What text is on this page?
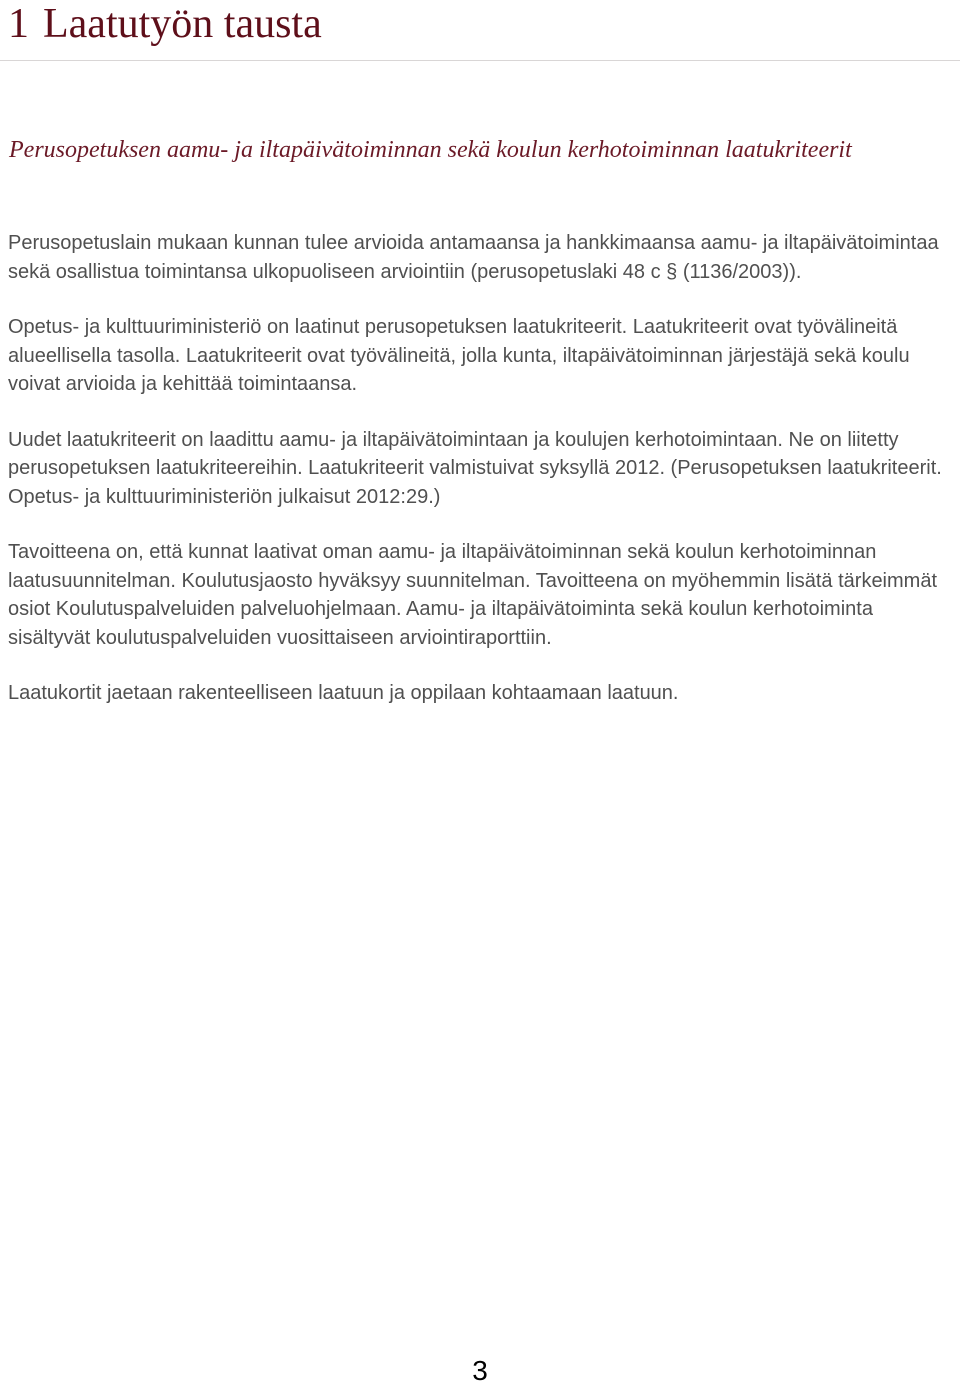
1 Laatutyön tausta
Perusopetuksen aamu- ja iltapäivätoiminnan sekä koulun kerhotoiminnan laatukriteerit

Perusopetuslain mukaan kunnan tulee arvioida antamaansa ja hankkimaansa aamu- ja iltapäivätoimintaa sekä osallistua toimintansa ulkopuoliseen arviointiin (perusopetuslaki 48 c § (1136/2003)).

Opetus- ja kulttuuriministeriö on laatinut perusopetuksen laatukriteerit. Laatukriteerit ovat työvälineitä alueellisella tasolla. Laatukriteerit ovat työvälineitä, jolla kunta, iltapäivätoiminnan järjestäjä sekä koulu voivat arvioida ja kehittää toimintaansa.

Uudet laatukriteerit on laadittu aamu- ja iltapäivätoimintaan ja koulujen kerhotoimintaan. Ne on liitetty perusopetuksen laatukriteereihin. Laatukriteerit valmistuivat syksyllä 2012. (Perusopetuksen laatukriteerit. Opetus- ja kulttuuriministeriön julkaisut 2012:29.)

Tavoitteena on, että kunnat laativat oman aamu- ja iltapäivätoiminnan sekä koulun kerhotoiminnan laatusuunnitelman. Koulutusjaosto hyväksyy suunnitelman. Tavoitteena on myöhemmin lisätä tärkeimmät osiot Koulutuspalveluiden palveluohjelmaan. Aamu- ja iltapäivätoiminta sekä koulun kerhotoiminta sisältyvät koulutuspalveluiden vuosittaiseen arviointiraporttiin.

Laatukortit jaetaan rakenteelliseen laatuun ja oppilaan kohtaamaan laatuun.

3
